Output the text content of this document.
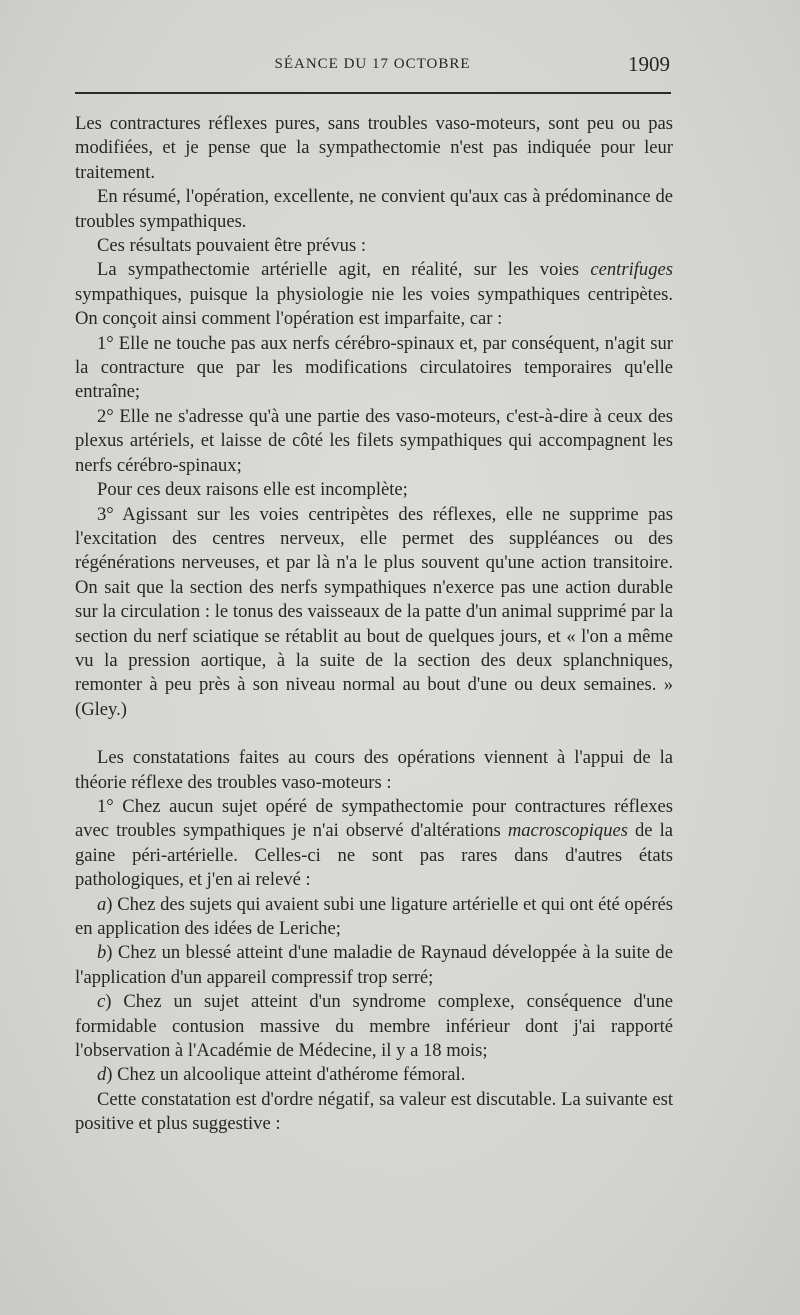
SÉANCE DU 17 OCTOBRE	1909

Les contractures réflexes pures, sans troubles vaso-moteurs, sont peu ou pas modifiées, et je pense que la sympathectomie n'est pas indiquée pour leur traitement.

En résumé, l'opération, excellente, ne convient qu'aux cas à prédominance de troubles sympathiques.

Ces résultats pouvaient être prévus :

La sympathectomie artérielle agit, en réalité, sur les voies centrifuges sympathiques, puisque la physiologie nie les voies sympathiques centripètes. On conçoit ainsi comment l'opération est imparfaite, car :

1° Elle ne touche pas aux nerfs cérébro-spinaux et, par conséquent, n'agit sur la contracture que par les modifications circulatoires temporaires qu'elle entraîne;

2° Elle ne s'adresse qu'à une partie des vaso-moteurs, c'est-à-dire à ceux des plexus artériels, et laisse de côté les filets sympathiques qui accompagnent les nerfs cérébro-spinaux;

Pour ces deux raisons elle est incomplète;

3° Agissant sur les voies centripètes des réflexes, elle ne supprime pas l'excitation des centres nerveux, elle permet des suppléances ou des régénérations nerveuses, et par là n'a le plus souvent qu'une action transitoire. On sait que la section des nerfs sympathiques n'exerce pas une action durable sur la circulation : le tonus des vaisseaux de la patte d'un animal supprimé par la section du nerf sciatique se rétablit au bout de quelques jours, et « l'on a même vu la pression aortique, à la suite de la section des deux splanchniques, remonter à peu près à son niveau normal au bout d'une ou deux semaines. » (Gley.)

Les constatations faites au cours des opérations viennent à l'appui de la théorie réflexe des troubles vaso-moteurs :

1° Chez aucun sujet opéré de sympathectomie pour contractures réflexes avec troubles sympathiques je n'ai observé d'altérations macroscopiques de la gaine péri-artérielle. Celles-ci ne sont pas rares dans d'autres états pathologiques, et j'en ai relevé :

a) Chez des sujets qui avaient subi une ligature artérielle et qui ont été opérés en application des idées de Leriche;

b) Chez un blessé atteint d'une maladie de Raynaud développée à la suite de l'application d'un appareil compressif trop serré;

c) Chez un sujet atteint d'un syndrome complexe, conséquence d'une formidable contusion massive du membre inférieur dont j'ai rapporté l'observation à l'Académie de Médecine, il y a 18 mois;

d) Chez un alcoolique atteint d'athérome fémoral.

Cette constatation est d'ordre négatif, sa valeur est discutable. La suivante est positive et plus suggestive :
